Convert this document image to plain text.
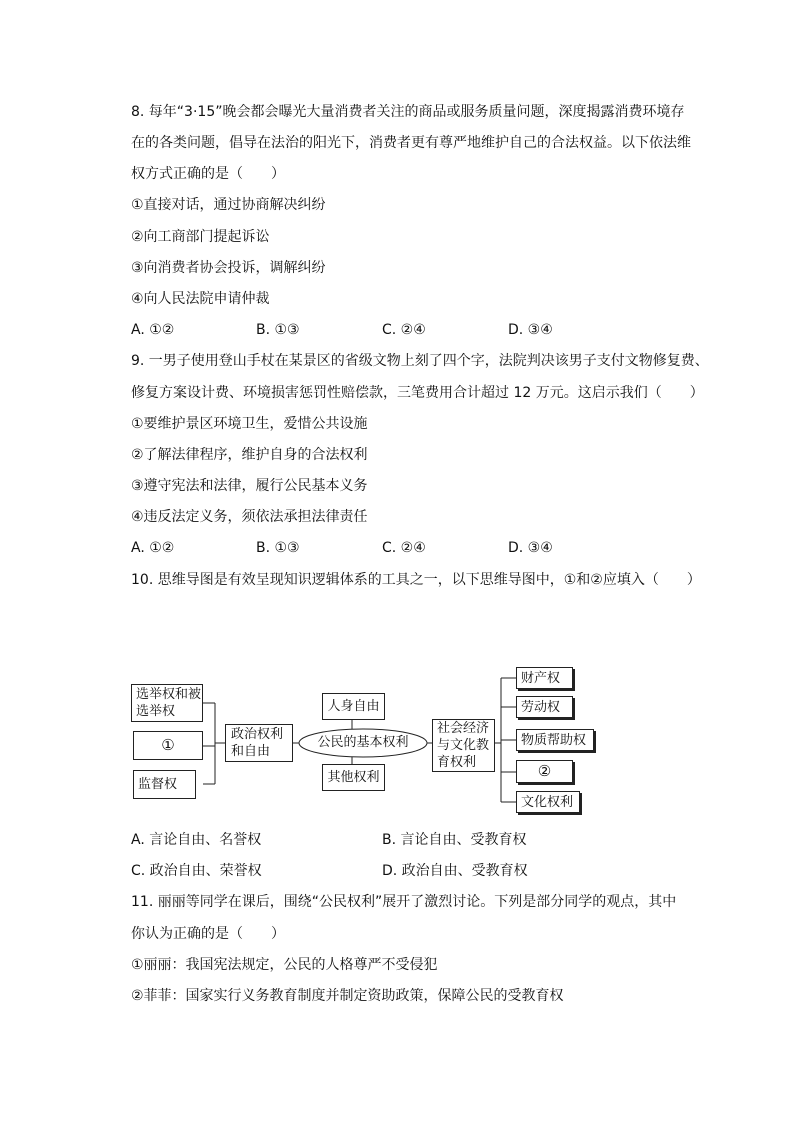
8. 每年“3·15”晚会都会曝光大量消费者关注的商品或服务质量问题，深度揭露消费环境存
在的各类问题，倡导在法治的阳光下，消费者更有尊严地维护自己的合法权益。以下依法维
权方式正确的是（　　）
①直接对话，通过协商解决纠纷
②向工商部门提起诉讼
③向消费者协会投诉，调解纠纷
④向人民法院申请仲裁
A. ①②	B. ①③	C. ②④	D. ③④
9. 一男子使用登山手杖在某景区的省级文物上刻了四个字，法院判决该男子支付文物修复费、
修复方案设计费、环境损害惩罚性赔偿款，三笔费用合计超过 12 万元。这启示我们（　　）
①要维护景区环境卫生，爱惜公共设施
②了解法律程序，维护自身的合法权利
③遵守宪法和法律，履行公民基本义务
④违反法定义务，须依法承担法律责任
A. ①②	B. ①③	C. ②④	D. ③④
10. 思维导图是有效呈现知识逻辑体系的工具之一，以下思维导图中，①和②应填入（　　）
选举权和被选举权
①
监督权
政治权利和自由
人身自由
公民的基本权利
其他权利
社会经济与文化教育权利
财产权
劳动权
物质帮助权
②
文化权利
A. 言论自由、名誉权	B. 言论自由、受教育权
C. 政治自由、荣誉权	D. 政治自由、受教育权
11. 丽丽等同学在课后，围绕“公民权利”展开了激烈讨论。下列是部分同学的观点，其中
你认为正确的是（　　）
①丽丽：我国宪法规定，公民的人格尊严不受侵犯
②菲菲：国家实行义务教育制度并制定资助政策，保障公民的受教育权
